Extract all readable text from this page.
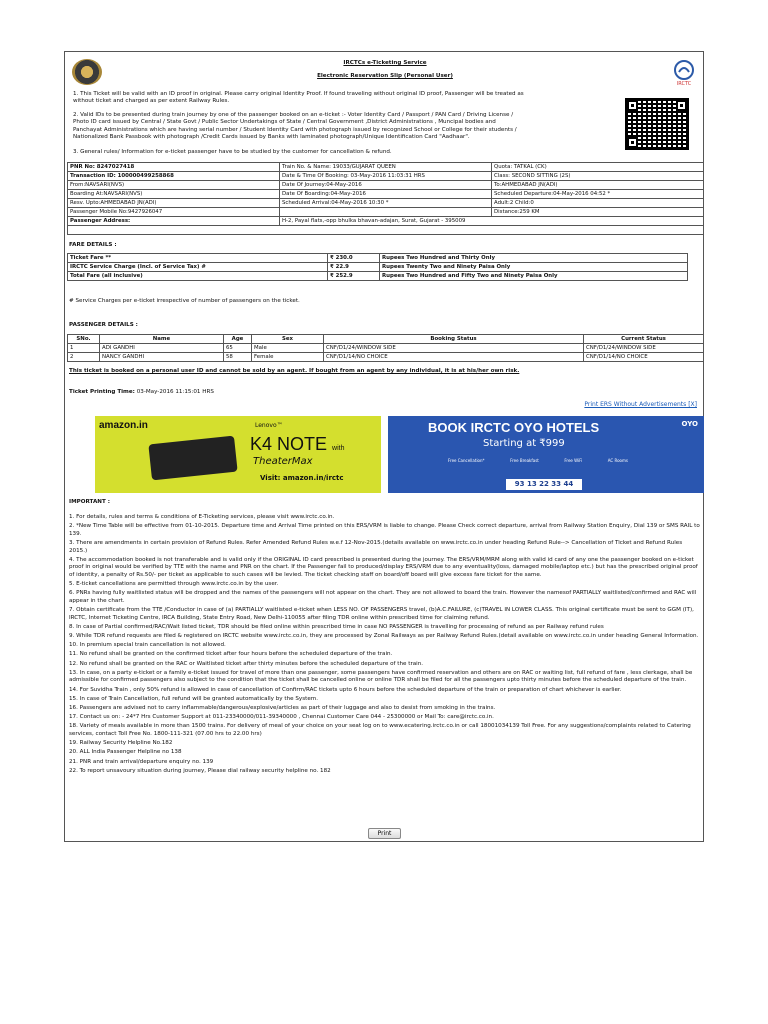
IRCTCs e-Ticketing Service
Electronic Reservation Slip (Personal User)
IRCTC
1. This Ticket will be valid with an ID proof in original. Please carry original Identity Proof. If found traveling without original ID proof, Passenger will be treated as
without ticket and charged as per extent Railway Rules.
2. Valid IDs to be presented during train journey by one of the passenger booked on an e-ticket :- Voter Identity Card / Passport / PAN Card / Driving License /
Photo ID card issued by Central / State Govt / Public Sector Undertakings of State / Central Government ,District Administrations , Muncipal bodies and
Panchayat Administrations which are having serial number / Student Identity Card with photograph issued by recognized School or College for their students /
Nationalized Bank Passbook with photograph /Credit Cards issued by Banks with laminated photograph/Unique Identification Card "Aadhaar".
3. General rules/ Information for e-ticket passenger have to be studied by the customer for cancellation & refund.
PNR No: 8247027418	Train No. & Name: 19033/GUJARAT QUEEN	Quota: TATKAL (CK)
Transaction ID: 100000499258868	Date & Time Of Booking: 03-May-2016 11:03:31 HRS	Class: SECOND SITTING (2S)
From:NAVSARI(NVS)	Date Of Journey:04-May-2016	To:AHMEDABAD JN(ADI)
Boarding At:NAVSARI(NVS)	Date Of Boarding:04-May-2016	Scheduled Departure:04-May-2016 04:52 *
Resv. Upto:AHMEDABAD JN(ADI)	Scheduled Arrival:04-May-2016 10:30 *	Adult:2 Child:0
Passenger Mobile No:9427926047		Distance:259 KM
Passenger Address:	H-2, Payal flats,-opp bhulka bhavan-adajan, Surat, Gujarat - 395009	

FARE DETAILS :
Ticket Fare **	₹ 230.0	Rupees Two Hundred and Thirty Only
IRCTC Service Charge (Incl. of Service Tax) #	₹ 22.9	Rupees Twenty Two and Ninety Paisa Only
Total Fare (all inclusive)	₹ 252.9	Rupees Two Hundred and Fifty Two and Ninety Paisa Only
# Service Charges per e-ticket irrespective of number of passengers on the ticket.
PASSENGER DETAILS :
SNo.	Name	Age	Sex	Booking Status	Current Status
1	ADI GANDHI	65	Male	CNF/D1/24/WINDOW SIDE	CNF/D1/24/WINDOW SIDE
2	NANCY GANDHI	58	Female	CNF/D1/14/NO CHOICE	CNF/D1/14/NO CHOICE
This ticket is booked on a personal user ID and cannot be sold by an agent. If bought from an agent by any individual, it is at his/her own risk.
Ticket Printing Time: 03-May-2016 11:15:01 HRS
Print ERS Without Advertisements [X]
amazon.in	Lenovo™
K4 NOTE with
TheaterMax
Visit: amazon.in/irctc
BOOK IRCTC OYO HOTELS	OYO
Starting at ₹999
Free Cancellation*	Free Breakfast	Free WiFi	AC Rooms
93 13 22 33 44
IMPORTANT :
1. For details, rules and terms & conditions of E-Ticketing services, please visit www.irctc.co.in.
2. *New Time Table will be effective from 01-10-2015. Departure time and Arrival Time printed on this ERS/VRM is liable to change. Please Check correct departure, arrival from Railway Station Enquiry, Dial 139 or SMS RAIL to 139.
3. There are amendments in certain provision of Refund Rules. Refer Amended Refund Rules w.e.f 12-Nov-2015.(details available on www.irctc.co.in under heading Refund Rule--> Cancellation of Ticket and Refund Rules 2015.)
4. The accommodation booked is not transferable and is valid only if the ORIGINAL ID card prescribed is presented during the journey. The ERS/VRM/MRM along with valid id card of any one the passenger booked on e-ticket proof in original would be verified by TTE with the name and PNR on the chart. If the Passenger fail to produced/display ERS/VRM due to any eventuality(loss, damaged mobile/laptop etc.) but has the prescribed original proof of identity, a penalty of Rs.50/- per ticket as applicable to such cases will be levied. The ticket checking staff on board/off board will give excess fare ticket for the same.
5. E-ticket cancellations are permitted through www.irctc.co.in by the user.
6. PNRs having fully waitlisted status will be dropped and the names of the passengers will not appear on the chart. They are not allowed to board the train. However the namesof PARTIALLY waitlisted/confirmed and RAC will appear in the chart.
7. Obtain certificate from the TTE /Conductor in case of (a) PARTIALLY waitlisted e-ticket when LESS NO. OF PASSENGERS travel, (b)A.C.FAILURE, (c)TRAVEL IN LOWER CLASS. This original certificate must be sent to GGM (IT), IRCTC, Internet Ticketing Centre, IRCA Building, State Entry Road, New Delhi-110055 after filing TDR online within prescribed time for claiming refund.
8. In case of Partial confirmed/RAC/Wait listed ticket, TDR should be filed online within prescribed time in case NO PASSENGER is travelling for processing of refund as per Railway refund rules
9. While TDR refund requests are filed & registered on IRCTC website www.irctc.co.in, they are processed by Zonal Railways as per Railway Refund Rules.(detail available on www.irctc.co.in under heading General Information.
10. In premium special train cancellation is not allowed.
11. No refund shall be granted on the confirmed ticket after four hours before the scheduled departure of the train.
12. No refund shall be granted on the RAC or Waitlisted ticket after thirty minutes before the scheduled departure of the train.
13. In case, on a party e-ticket or a family e-ticket issued for travel of more than one passenger, some passengers have confirmed reservation and others are on RAC or waiting list, full refund of fare , less clerkage, shall be admissible for confirmed passengers also subject to the condition that the ticket shall be cancelled online or online TDR shall be filed for all the passengers upto thirty minutes before the scheduled departure of the train.
14. For Suvidha Train , only 50% refund is allowed in case of cancellation of Confirm/RAC tickets upto 6 hours before the scheduled departure of the train or preparation of chart whichever is earlier.
15. In case of Train Cancellation, full refund will be granted automatically by the System.
16. Passengers are advised not to carry inflammable/dangerous/explosive/articles as part of their luggage and also to desist from smoking in the trains.
17. Contact us on: - 24*7 Hrs Customer Support at 011-23340000/011-39340000 , Chennai Customer Care 044 - 25300000 or Mail To: care@irctc.co.in.
18. Variety of meals available in more than 1500 trains. For delivery of meal of your choice on your seat log on to www.ecatering.irctc.co.in or call 18001034139 Toll Free. For any suggestions/complaints related to Catering services, contact Toll Free No. 1800-111-321 (07.00 hrs to 22.00 hrs)
19. Railway Security Helpline No.182
20. ALL India Passenger Helpline no 138
21. PNR and train arrival/departure enquiry no. 139
22. To report unsavoury situation during journey, Please dial railway security helpline no. 182
Print
